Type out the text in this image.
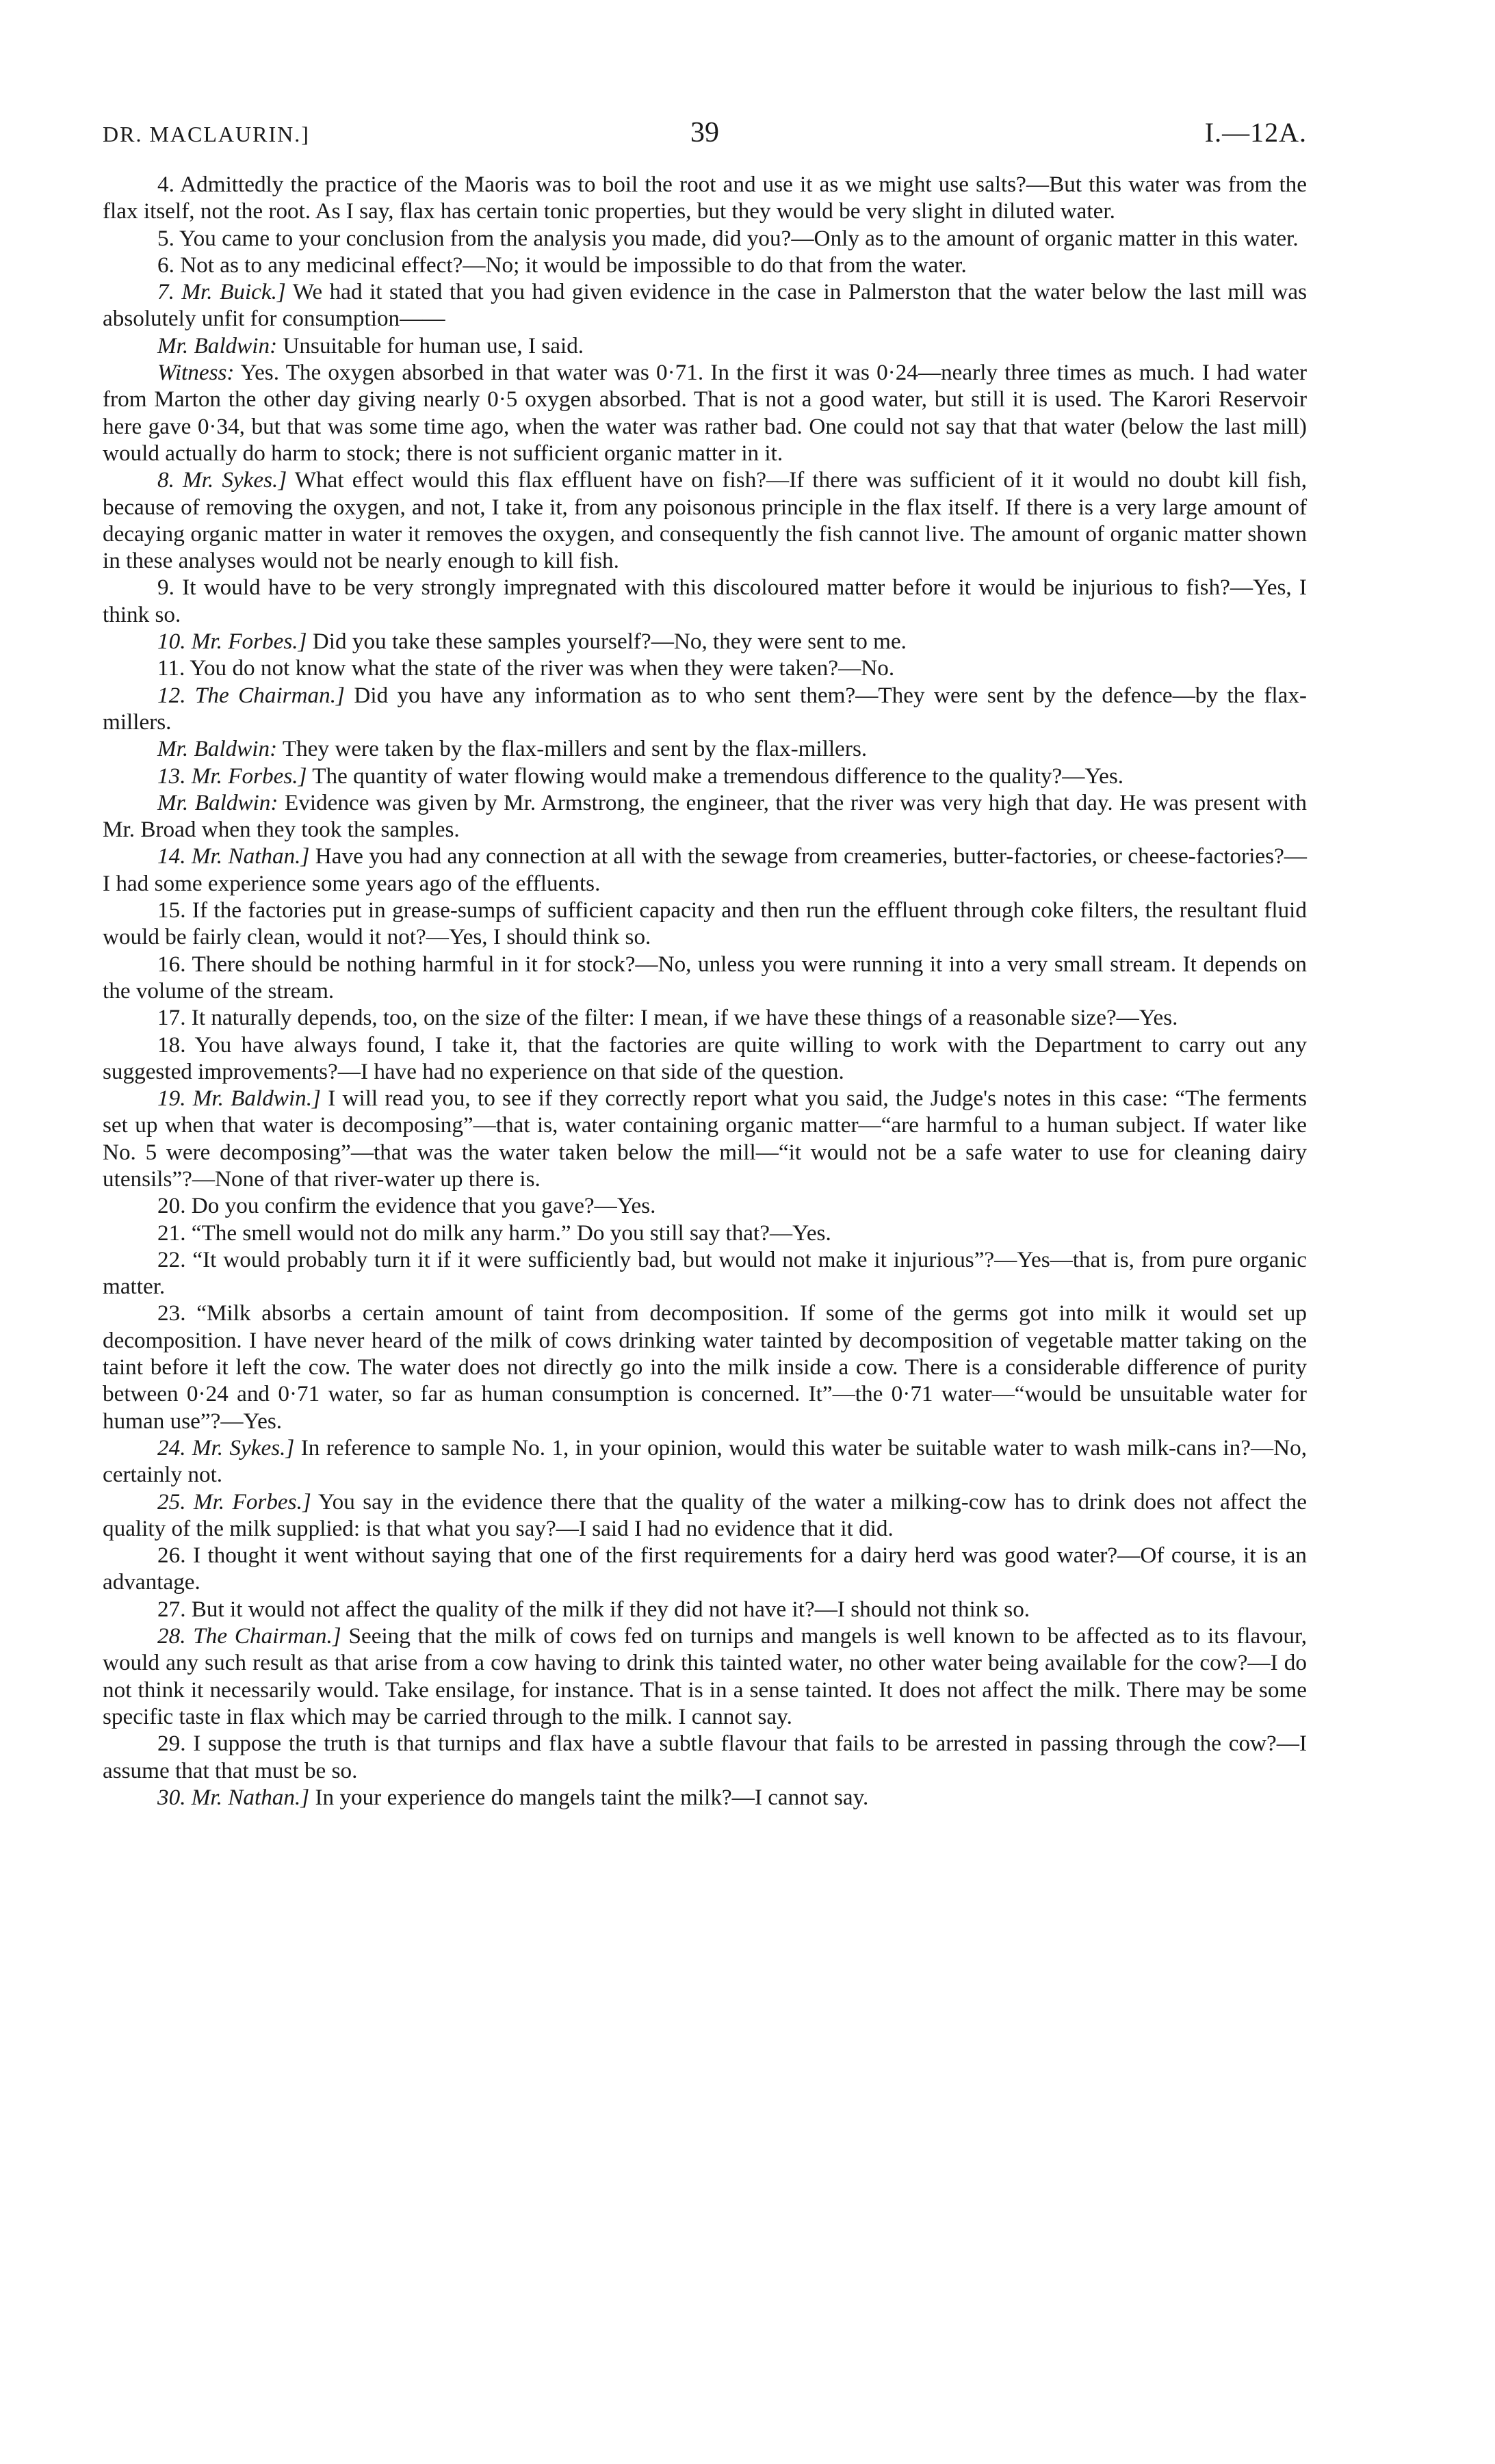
DR. MACLAURIN.]	39	I.—12A.

4. Admittedly the practice of the Maoris was to boil the root and use it as we might use salts?—But this water was from the flax itself, not the root. As I say, flax has certain tonic properties, but they would be very slight in diluted water.

5. You came to your conclusion from the analysis you made, did you?—Only as to the amount of organic matter in this water.

6. Not as to any medicinal effect?—No; it would be impossible to do that from the water.

7. Mr. Buick.] We had it stated that you had given evidence in the case in Palmerston that the water below the last mill was absolutely unfit for consumption——

Mr. Baldwin: Unsuitable for human use, I said.

Witness: Yes. The oxygen absorbed in that water was 0·71. In the first it was 0·24—nearly three times as much. I had water from Marton the other day giving nearly 0·5 oxygen absorbed. That is not a good water, but still it is used. The Karori Reservoir here gave 0·34, but that was some time ago, when the water was rather bad. One could not say that that water (below the last mill) would actually do harm to stock; there is not sufficient organic matter in it.

8. Mr. Sykes.] What effect would this flax effluent have on fish?—If there was sufficient of it it would no doubt kill fish, because of removing the oxygen, and not, I take it, from any poisonous principle in the flax itself. If there is a very large amount of decaying organic matter in water it removes the oxygen, and consequently the fish cannot live. The amount of organic matter shown in these analyses would not be nearly enough to kill fish.

9. It would have to be very strongly impregnated with this discoloured matter before it would be injurious to fish?—Yes, I think so.

10. Mr. Forbes.] Did you take these samples yourself?—No, they were sent to me.

11. You do not know what the state of the river was when they were taken?—No.

12. The Chairman.] Did you have any information as to who sent them?—They were sent by the defence—by the flax-millers.

Mr. Baldwin: They were taken by the flax-millers and sent by the flax-millers.

13. Mr. Forbes.] The quantity of water flowing would make a tremendous difference to the quality?—Yes.

Mr. Baldwin: Evidence was given by Mr. Armstrong, the engineer, that the river was very high that day. He was present with Mr. Broad when they took the samples.

14. Mr. Nathan.] Have you had any connection at all with the sewage from creameries, butter-factories, or cheese-factories?—I had some experience some years ago of the effluents.

15. If the factories put in grease-sumps of sufficient capacity and then run the effluent through coke filters, the resultant fluid would be fairly clean, would it not?—Yes, I should think so.

16. There should be nothing harmful in it for stock?—No, unless you were running it into a very small stream. It depends on the volume of the stream.

17. It naturally depends, too, on the size of the filter: I mean, if we have these things of a reasonable size?—Yes.

18. You have always found, I take it, that the factories are quite willing to work with the Department to carry out any suggested improvements?—I have had no experience on that side of the question.

19. Mr. Baldwin.] I will read you, to see if they correctly report what you said, the Judge's notes in this case: “The ferments set up when that water is decomposing”—that is, water containing organic matter—“are harmful to a human subject. If water like No. 5 were decomposing”—that was the water taken below the mill—“it would not be a safe water to use for cleaning dairy utensils”?—None of that river-water up there is.

20. Do you confirm the evidence that you gave?—Yes.

21. “The smell would not do milk any harm.” Do you still say that?—Yes.

22. “It would probably turn it if it were sufficiently bad, but would not make it injurious”?—Yes—that is, from pure organic matter.

23. “Milk absorbs a certain amount of taint from decomposition. If some of the germs got into milk it would set up decomposition. I have never heard of the milk of cows drinking water tainted by decomposition of vegetable matter taking on the taint before it left the cow. The water does not directly go into the milk inside a cow. There is a considerable difference of purity between 0·24 and 0·71 water, so far as human consumption is concerned. It”—the 0·71 water—“would be unsuitable water for human use”?—Yes.

24. Mr. Sykes.] In reference to sample No. 1, in your opinion, would this water be suitable water to wash milk-cans in?—No, certainly not.

25. Mr. Forbes.] You say in the evidence there that the quality of the water a milking-cow has to drink does not affect the quality of the milk supplied: is that what you say?—I said I had no evidence that it did.

26. I thought it went without saying that one of the first requirements for a dairy herd was good water?—Of course, it is an advantage.

27. But it would not affect the quality of the milk if they did not have it?—I should not think so.

28. The Chairman.] Seeing that the milk of cows fed on turnips and mangels is well known to be affected as to its flavour, would any such result as that arise from a cow having to drink this tainted water, no other water being available for the cow?—I do not think it necessarily would. Take ensilage, for instance. That is in a sense tainted. It does not affect the milk. There may be some specific taste in flax which may be carried through to the milk. I cannot say.

29. I suppose the truth is that turnips and flax have a subtle flavour that fails to be arrested in passing through the cow?—I assume that that must be so.

30. Mr. Nathan.] In your experience do mangels taint the milk?—I cannot say.
